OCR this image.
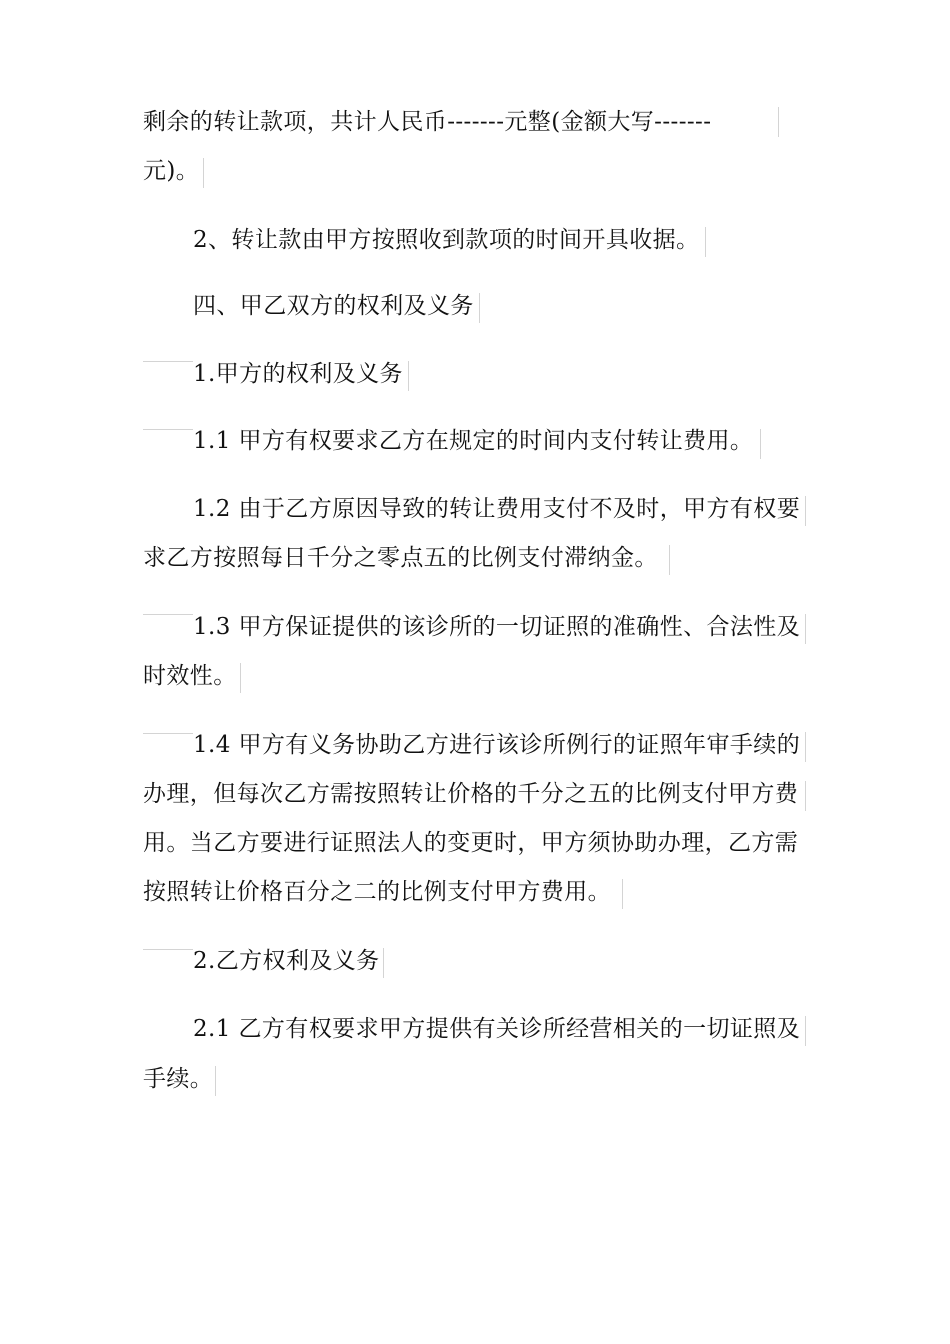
剩余的转让款项，共计人民币-------元整(金额大写-------
元)。
2、转让款由甲方按照收到款项的时间开具收据。
四、甲乙双方的权利及义务
1.甲方的权利及义务
1.1 甲方有权要求乙方在规定的时间内支付转让费用。
1.2 由于乙方原因导致的转让费用支付不及时，甲方有权要
求乙方按照每日千分之零点五的比例支付滞纳金。
1.3 甲方保证提供的该诊所的一切证照的准确性、合法性及
时效性。
1.4 甲方有义务协助乙方进行该诊所例行的证照年审手续的
办理，但每次乙方需按照转让价格的千分之五的比例支付甲方费
用。当乙方要进行证照法人的变更时，甲方须协助办理，乙方需
按照转让价格百分之二的比例支付甲方费用。
2.乙方权利及义务
2.1 乙方有权要求甲方提供有关诊所经营相关的一切证照及
手续。
